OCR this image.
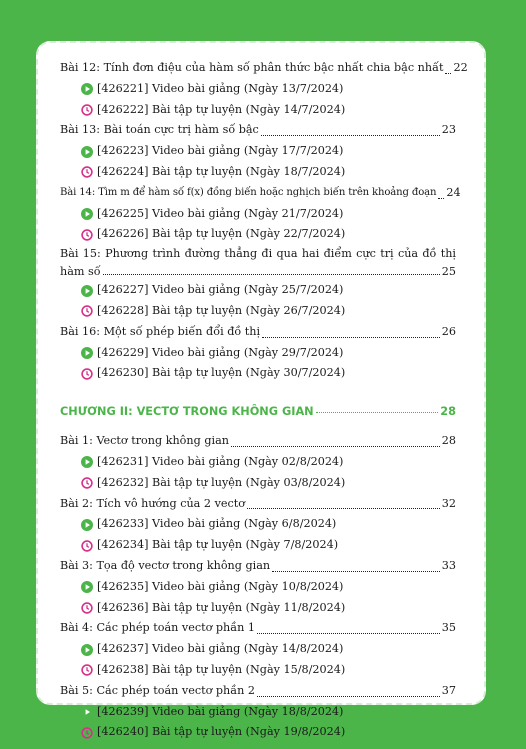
Bài 12: Tính đơn điệu của hàm số phân thức bậc nhất chia bậc nhất 22
[426221] Video bài giảng (Ngày 13/7/2024)
[426222] Bài tập tự luyện (Ngày 14/7/2024)
Bài 13: Bài toán cực trị hàm số bậc	23
[426223] Video bài giảng (Ngày 17/7/2024)
[426224] Bài tập tự luyện (Ngày 18/7/2024)
Bài 14: Tìm m để hàm số f(x) đồng biến hoặc nghịch biến trên khoảng đoạn 24
[426225] Video bài giảng (Ngày 21/7/2024)
[426226] Bài tập tự luyện (Ngày 22/7/2024)
Bài 15: Phương trình đường thẳng đi qua hai điểm cực trị của đồ thị
hàm số	25
[426227] Video bài giảng (Ngày 25/7/2024)
[426228] Bài tập tự luyện (Ngày 26/7/2024)
Bài 16: Một số phép biến đổi đồ thị	26
[426229] Video bài giảng (Ngày 29/7/2024)
[426230] Bài tập tự luyện (Ngày 30/7/2024)
CHƯƠNG II: VECTƠ TRONG KHÔNG GIAN	28
Bài 1: Vectơ trong không gian	28
[426231] Video bài giảng (Ngày 02/8/2024)
[426232] Bài tập tự luyện (Ngày 03/8/2024)
Bài 2: Tích vô hướng của 2 vectơ	32
[426233] Video bài giảng (Ngày 6/8/2024)
[426234] Bài tập tự luyện (Ngày 7/8/2024)
Bài 3: Tọa độ vectơ trong không gian	33
[426235] Video bài giảng (Ngày 10/8/2024)
[426236] Bài tập tự luyện (Ngày 11/8/2024)
Bài 4: Các phép toán vectơ phần 1	35
[426237] Video bài giảng (Ngày 14/8/2024)
[426238] Bài tập tự luyện (Ngày 15/8/2024)
Bài 5: Các phép toán vectơ phần 2	37
[426239] Video bài giảng (Ngày 18/8/2024)
[426240] Bài tập tự luyện (Ngày 19/8/2024)
